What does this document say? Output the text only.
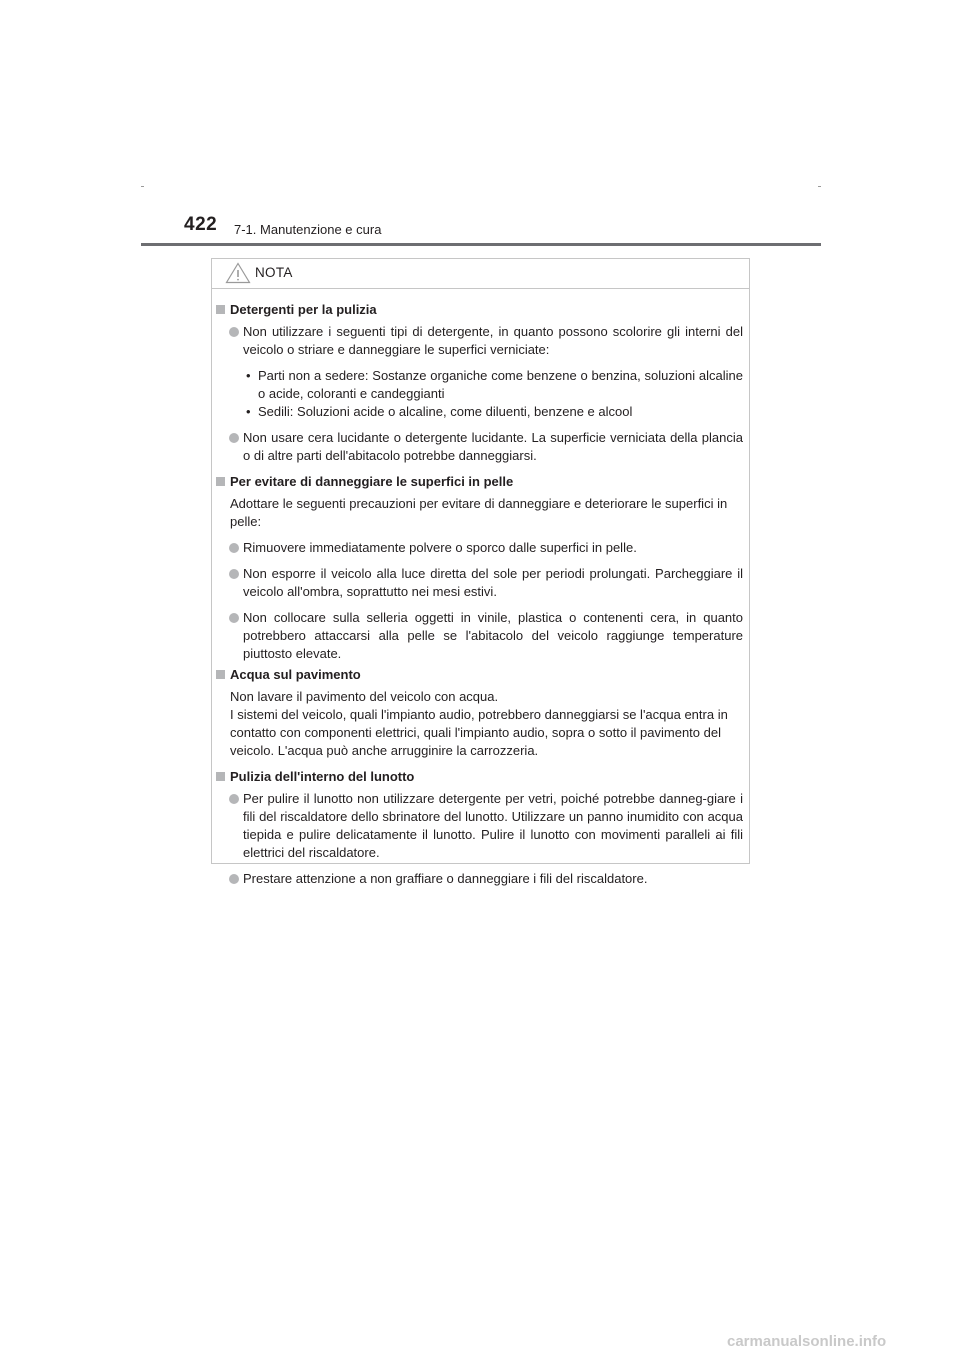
422 7-1. Manutenzione e cura
NOTA
Detergenti per la pulizia
Non utilizzare i seguenti tipi di detergente, in quanto possono scolorire gli interni del veicolo o striare e danneggiare le superfici verniciate:
• Parti non a sedere: Sostanze organiche come benzene o benzina, soluzioni alcaline o acide, coloranti e candeggianti
• Sedili: Soluzioni acide o alcaline, come diluenti, benzene e alcool
Non usare cera lucidante o detergente lucidante. La superficie verniciata della plancia o di altre parti dell'abitacolo potrebbe danneggiarsi.
Per evitare di danneggiare le superfici in pelle
Adottare le seguenti precauzioni per evitare di danneggiare e deteriorare le superfici in pelle:
Rimuovere immediatamente polvere o sporco dalle superfici in pelle.
Non esporre il veicolo alla luce diretta del sole per periodi prolungati. Parcheggiare il veicolo all'ombra, soprattutto nei mesi estivi.
Non collocare sulla selleria oggetti in vinile, plastica o contenenti cera, in quanto potrebbero attaccarsi alla pelle se l'abitacolo del veicolo raggiunge temperature piuttosto elevate.
Acqua sul pavimento
Non lavare il pavimento del veicolo con acqua.
I sistemi del veicolo, quali l'impianto audio, potrebbero danneggiarsi se l'acqua entra in contatto con componenti elettrici, quali l'impianto audio, sopra o sotto il pavimento del veicolo. L'acqua può anche arrugginire la carrozzeria.
Pulizia dell'interno del lunotto
Per pulire il lunotto non utilizzare detergente per vetri, poiché potrebbe danneg-giare i fili del riscaldatore dello sbrinatore del lunotto. Utilizzare un panno inumidito con acqua tiepida e pulire delicatamente il lunotto. Pulire il lunotto con movimenti paralleli ai fili elettrici del riscaldatore.
Prestare attenzione a non graffiare o danneggiare i fili del riscaldatore.
carmanualsonline.info
